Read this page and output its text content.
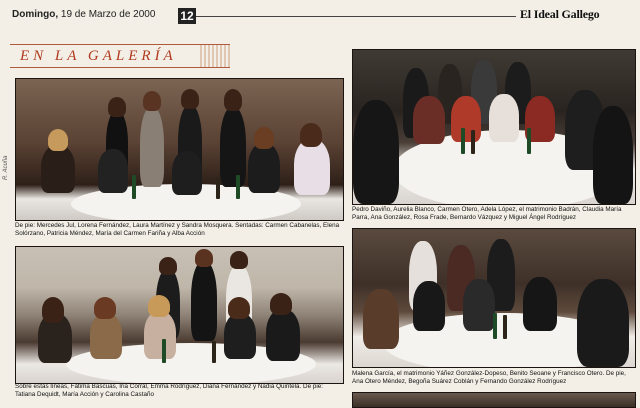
Domingo, 19 de Marzo de 2000 12	El Ideal Gallego
EN LA GALERÍA
R. Acuña
De pie: Mercedes Jul, Lorena Fernández, Laura Martínez y Sandra Mosquera. Sentadas: Carmen Cabanelas, Elena Solórzano, Patricia Méndez, María del Carmen Fariña y Alba Acción
Pedro Daviño, Aurelia Blanco, Carmen Otero, Adela López, el matrimonio Badrán, Claudia María Parra, Ana González, Rosa Frade, Bernardo Vázquez y Miguel Ángel Rodríguez
Sobre estas líneas, Fátima Bascuas, Iria Corral, Emma Rodríguez, Diana Fernández y Nadia Quintela. De pie: Tatiana Dequidt, María Acción y Carolina Castaño
Malena García, el matrimonio Yáñez González-Dopeso, Benito Seoane y Francisco Otero. De pie, Ana Otero Méndez, Begoña Suárez Coblán y Fernando González Rodríguez
